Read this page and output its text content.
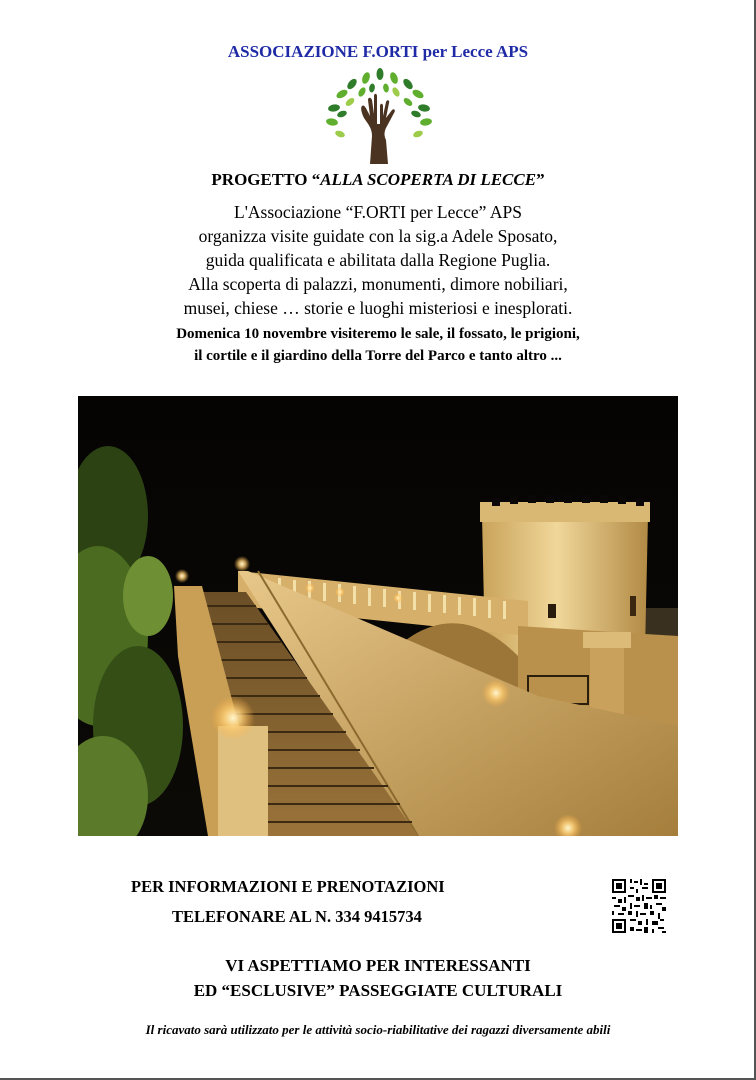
ASSOCIAZIONE F.ORTI per Lecce APS
PROGETTO “ALLA SCOPERTA DI LECCE”
L'Associazione “F.ORTI per Lecce” APS
organizza visite guidate con la sig.a Adele Sposato,
guida qualificata e abilitata dalla Regione Puglia.
Alla scoperta di palazzi, monumenti, dimore nobiliari,
musei, chiese … storie e luoghi misteriosi e inesplorati.
Domenica 10 novembre visiteremo le sale, il fossato, le prigioni,
il cortile e il giardino della Torre del Parco e tanto altro ...
PER INFORMAZIONI E PRENOTAZIONI
TELEFONARE AL N. 334 9415734
VI ASPETTIAMO PER INTERESSANTI
ED “ESCLUSIVE” PASSEGGIATE CULTURALI
Il ricavato sarà utilizzato per le attività socio-riabilitative dei ragazzi diversamente abili
